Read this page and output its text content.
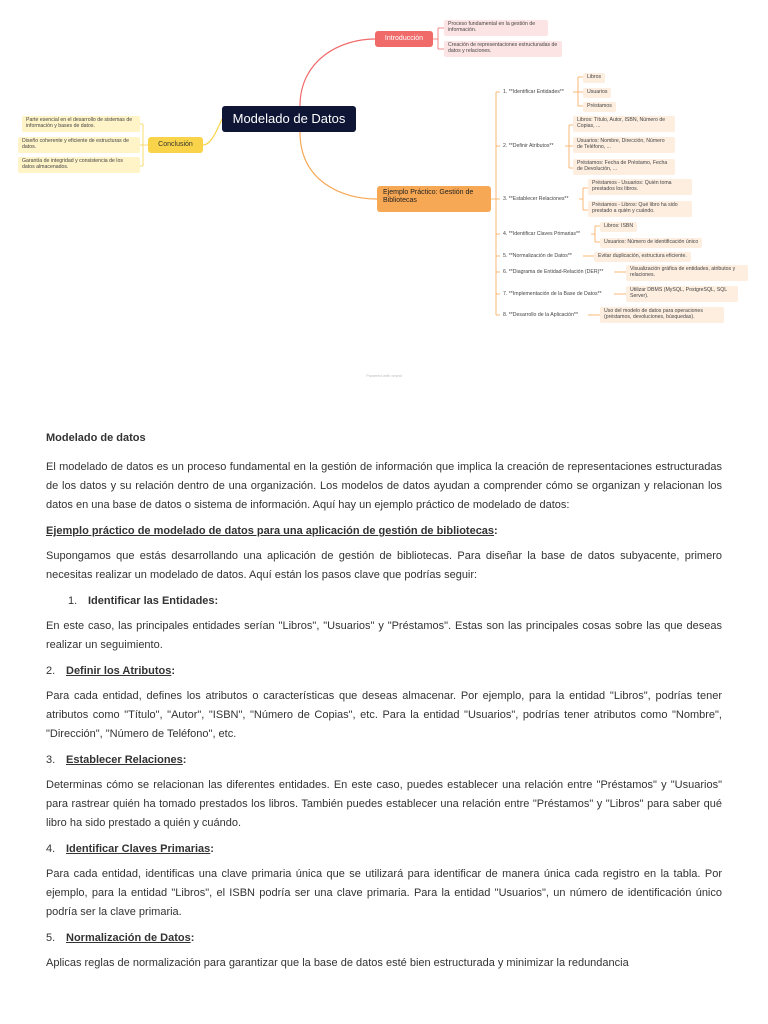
Modelado de Datos
Introducción
Proceso fundamental en la gestión de información.
Creación de representaciones estructuradas de datos y relaciones.
Conclusión
Parte esencial en el desarrollo de sistemas de información y bases de datos.
Diseño coherente y eficiente de estructuras de datos.
Garantía de integridad y consistencia de los datos almacenados.
Ejemplo Práctico: Gestión de Bibliotecas
1. **Identificar Entidades**
Libros
Usuarios
Préstamos
2. **Definir Atributos**
Libros: Título, Autor, ISBN, Número de Copias, ...
Usuarios: Nombre, Dirección, Número de Teléfono, ...
Préstamos: Fecha de Préstamo, Fecha de Devolución, ...
3. **Establecer Relaciones**
Préstamos - Usuarios: Quién toma prestados los libros.
Préstamos - Libros: Qué libro ha sido prestado a quién y cuándo.
4. **Identificar Claves Primarias**
Libros: ISBN
Usuarios: Número de identificación único
5. **Normalización de Datos**	Evitar duplicación, estructura eficiente.
6. **Diagrama de Entidad-Relación (DER)**	Visualización gráfica de entidades, atributos y relaciones.
7. **Implementación de la Base de Datos**
Utilizar DBMS (MySQL, PostgreSQL, SQL Server).
8. **Desarrollo de la Aplicación**
Uso del modelo de datos para operaciones (préstamos, devoluciones, búsquedas).
Powered with xmind
Modelado de datos

El modelado de datos es un proceso fundamental en la gestión de información que implica la creación de representaciones estructuradas de los datos y su relación dentro de una organización. Los modelos de datos ayudan a comprender cómo se organizan y relacionan los datos en una base de datos o sistema de información. Aquí hay un ejemplo práctico de modelado de datos:

Ejemplo práctico de modelado de datos para una aplicación de gestión de bibliotecas:

Supongamos que estás desarrollando una aplicación de gestión de bibliotecas. Para diseñar la base de datos subyacente, primero necesitas realizar un modelado de datos. Aquí están los pasos clave que podrías seguir:

1. Identificar las Entidades:

En este caso, las principales entidades serían "Libros", "Usuarios" y "Préstamos". Estas son las principales cosas sobre las que deseas realizar un seguimiento.

2. Definir los Atributos:

Para cada entidad, defines los atributos o características que deseas almacenar. Por ejemplo, para la entidad "Libros", podrías tener atributos como "Título", "Autor", "ISBN", "Número de Copias", etc. Para la entidad "Usuarios", podrías tener atributos como "Nombre", "Dirección", "Número de Teléfono", etc.

3. Establecer Relaciones:

Determinas cómo se relacionan las diferentes entidades. En este caso, puedes establecer una relación entre "Préstamos" y "Usuarios" para rastrear quién ha tomado prestados los libros. También puedes establecer una relación entre "Préstamos" y "Libros" para saber qué libro ha sido prestado a quién y cuándo.

4. Identificar Claves Primarias:

Para cada entidad, identificas una clave primaria única que se utilizará para identificar de manera única cada registro en la tabla. Por ejemplo, para la entidad "Libros", el ISBN podría ser una clave primaria. Para la entidad "Usuarios", un número de identificación único podría ser la clave primaria.

5. Normalización de Datos:

Aplicas reglas de normalización para garantizar que la base de datos esté bien estructurada y minimizar la redundancia
